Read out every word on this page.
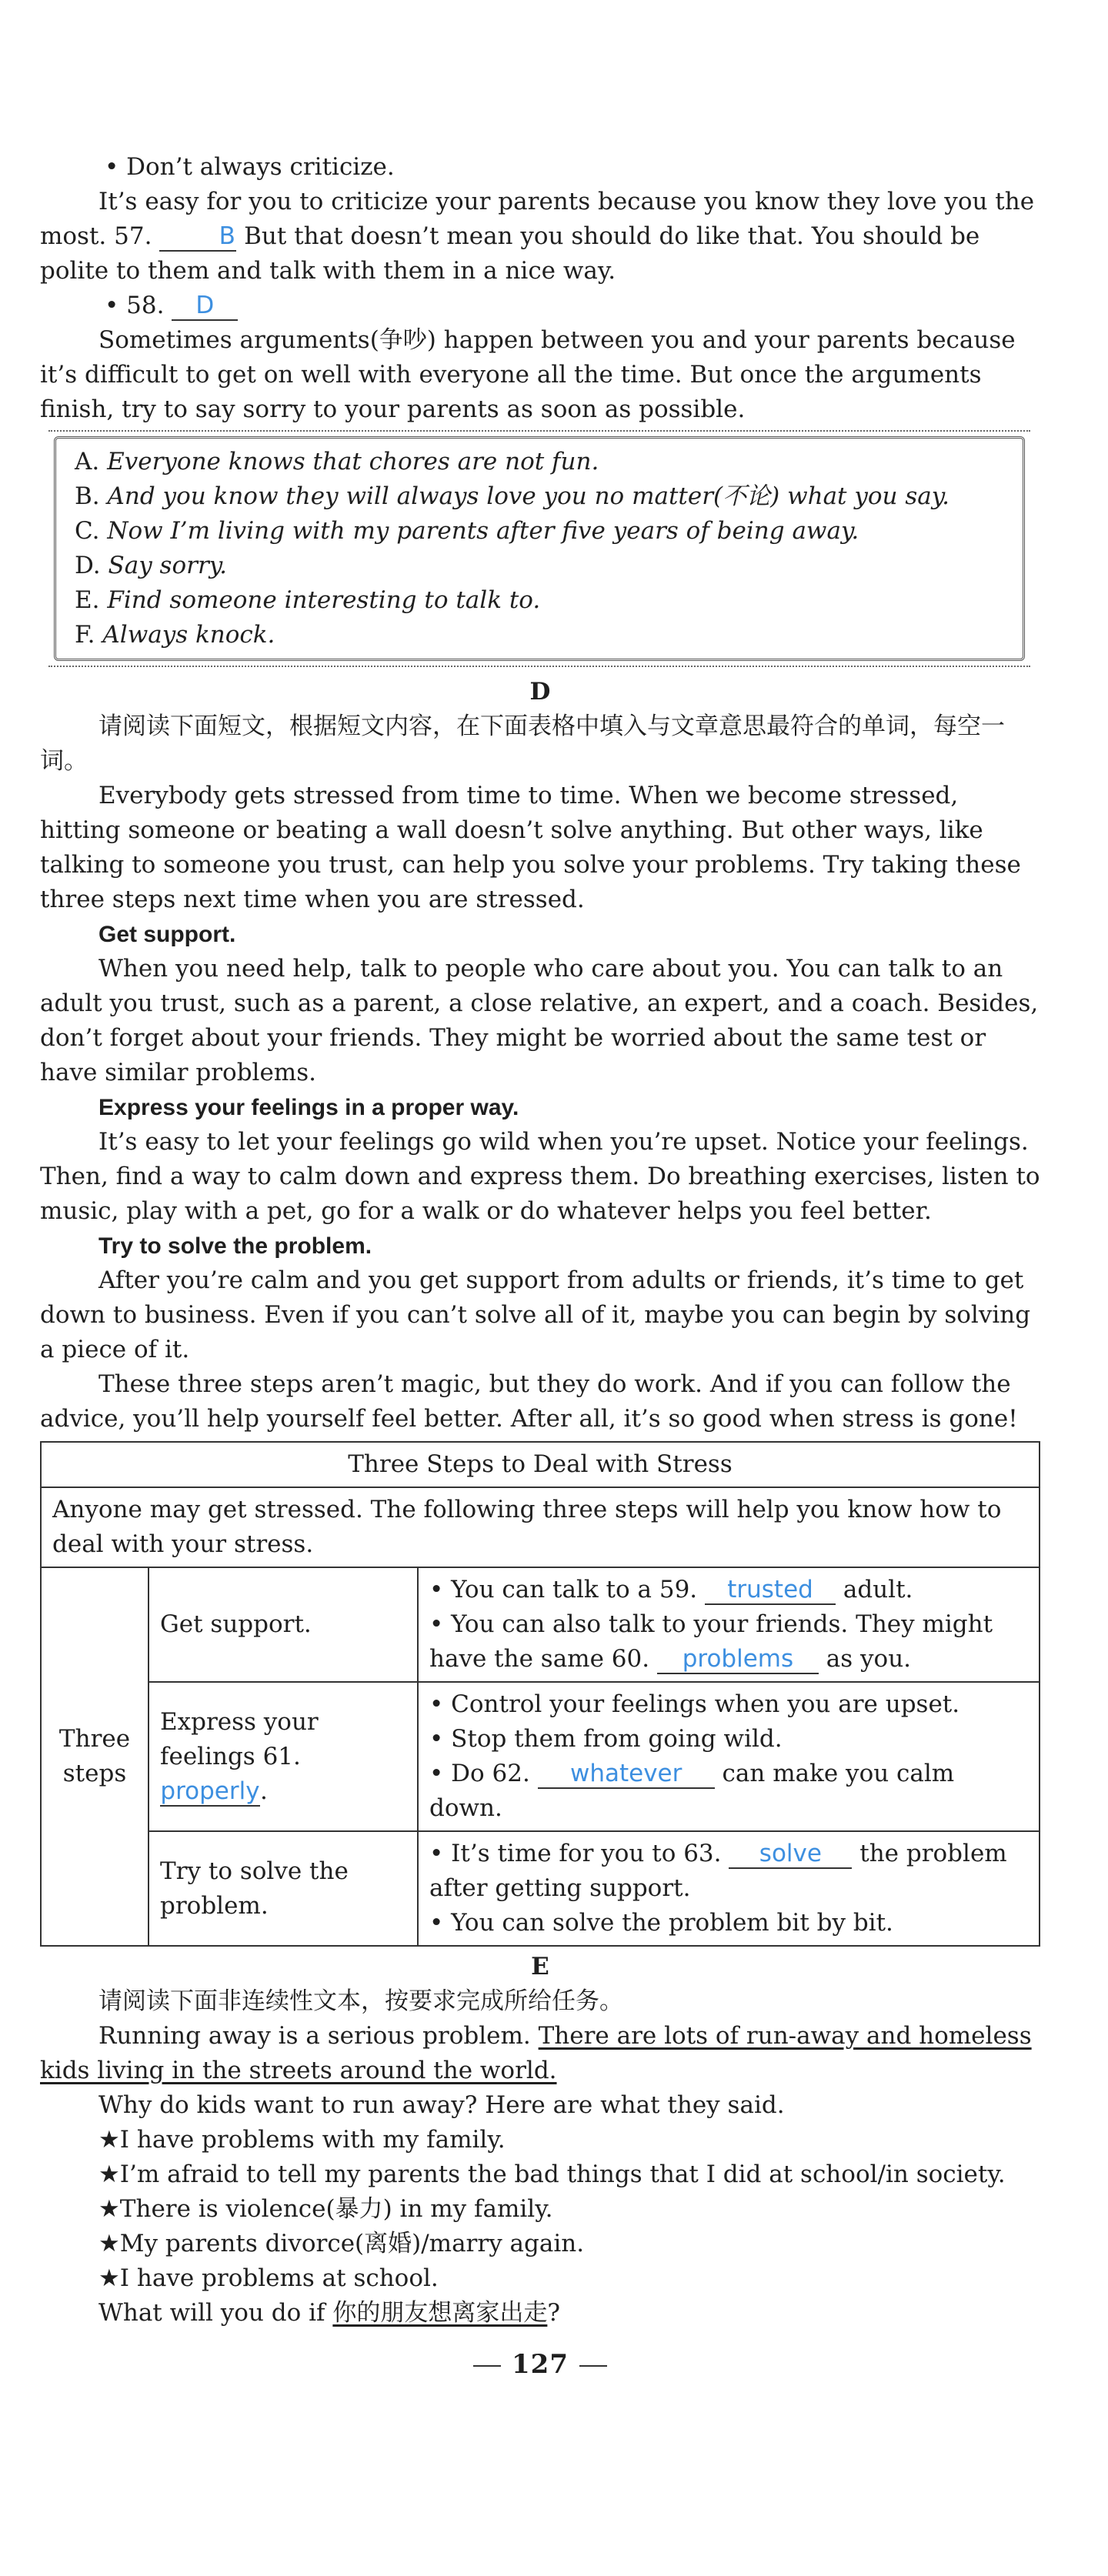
• Don’t always criticize.

It’s easy for you to criticize your parents because you know they love you the most. 57.	B But that doesn’t mean you should do like that. You should be polite to them and talk with them in a nice way.

• 58. D

Sometimes arguments(争吵) happen between you and your parents because it’s difficult to get on well with everyone all the time. But once the arguments finish, try to say sorry to your parents as soon as possible.

A. Everyone knows that chores are not fun.

B. And you know they will always love you no matter(不论) what you say.

C. Now I’m living with my parents after five years of being away.

D. Say sorry.

E. Find someone interesting to talk to.

F. Always knock.

D

请阅读下面短文，根据短文内容，在下面表格中填入与文章意思最符合的单词，每空一词。

Everybody gets stressed from time to time. When we become stressed, hitting someone or beating a wall doesn’t solve anything. But other ways, like talking to someone you trust, can help you solve your problems. Try taking these three steps next time when you are stressed.

Get support.

When you need help, talk to people who care about you. You can talk to an adult you trust, such as a parent, a close relative, an expert, and a coach. Besides, don’t forget about your friends. They might be worried about the same test or have similar problems.

Express your feelings in a proper way.

It’s easy to let your feelings go wild when you’re upset. Notice your feelings. Then, find a way to calm down and express them. Do breathing exercises, listen to music, play with a pet, go for a walk or do whatever helps you feel better.

Try to solve the problem.

After you’re calm and you get support from adults or friends, it’s time to get down to business. Even if you can’t solve all of it, maybe you can begin by solving a piece of it.

These three steps aren’t magic, but they do work. And if you can follow the advice, you’ll help yourself feel better. After all, it’s so good when stress is gone!

Three Steps to Deal with Stress		
Anyone may get stressed. The following three steps will help you know how to deal with your stress.		
Three steps	Get support.	• You can talk to a 59. trusted adult.
• You can also talk to your friends. They might have the same 60. problems as you.

	Express your feelings 61. properly.	• Control your feelings when you are upset.
• Stop them from going wild.
• Do 62. whatever can make you calm down.

	Try to solve the problem.	• It’s time for you to 63. solve the problem after getting support.
• You can solve the problem bit by bit.

E

请阅读下面非连续性文本，按要求完成所给任务。

Running away is a serious problem. There are lots of run-away and homeless kids living in the streets around the world.

Why do kids want to run away? Here are what they said.

★I have problems with my family.

★I’m afraid to tell my parents the bad things that I did at school/in society.

★There is violence(暴力) in my family.

★My parents divorce(离婚)/marry again.

★I have problems at school.

What will you do if 你的朋友想离家出走?

127
